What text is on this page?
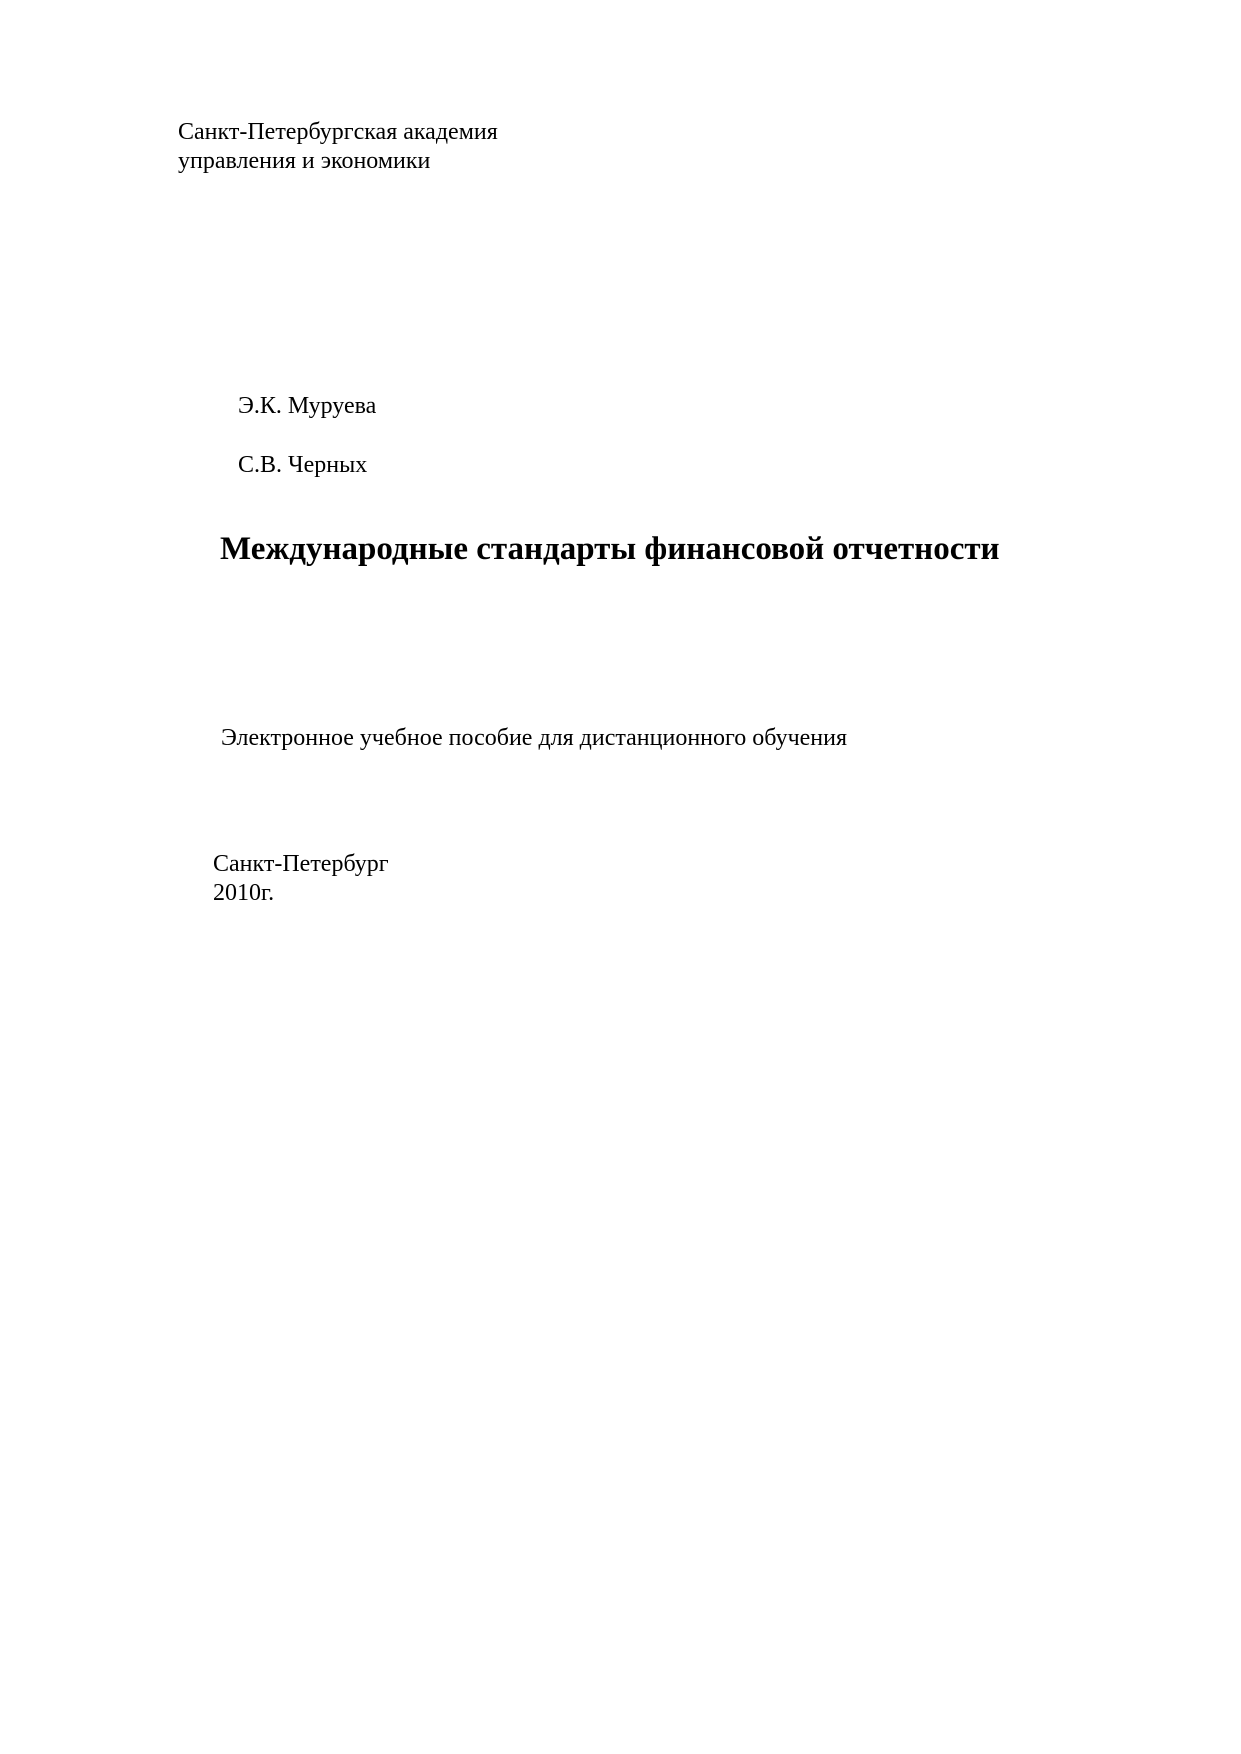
Санкт-Петербургская академия
управления и экономики
Э.К. Муруева
С.В. Черных
Международные стандарты финансовой отчетности
Электронное учебное пособие для дистанционного обучения
Санкт-Петербург
2010г.
